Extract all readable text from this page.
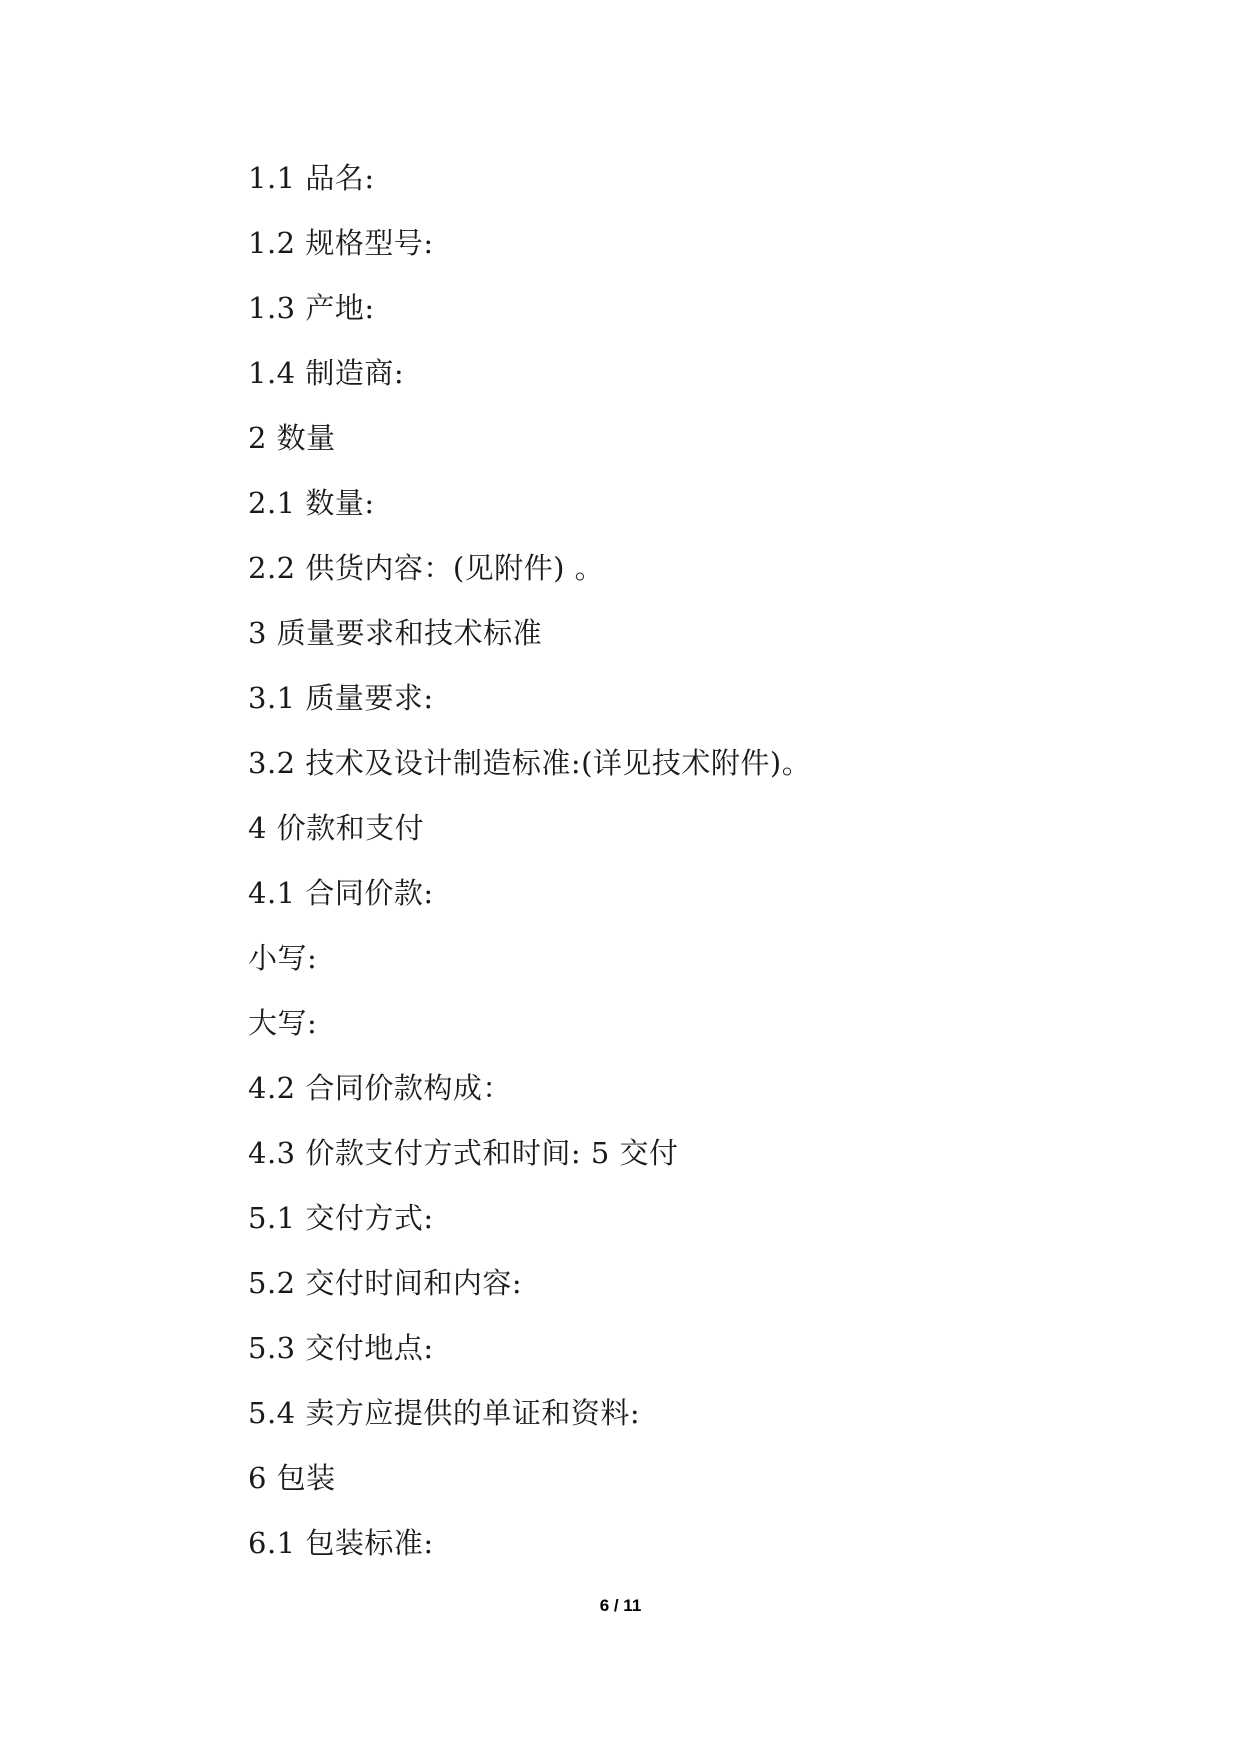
1.1 品名:
1.2 规格型号:
1.3 产地:
1.4 制造商:
2 数量
2.1 数量:
2.2 供货内容：(见附件) 。
3 质量要求和技术标准
3.1 质量要求:
3.2 技术及设计制造标准:(详见技术附件)。
4 价款和支付
4.1 合同价款:
小写:
大写:
4.2 合同价款构成：
4.3 价款支付方式和时间: 5 交付
5.1 交付方式:
5.2 交付时间和内容:
5.3 交付地点:
5.4 卖方应提供的单证和资料:
6 包装
6.1 包装标准:
6 / 11
